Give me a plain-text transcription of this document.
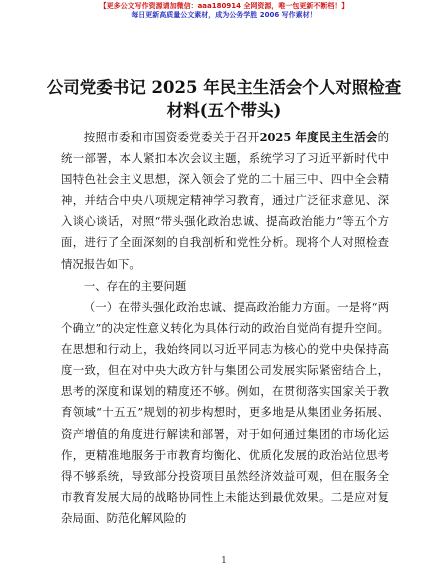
【更多公文写作资源请加微信：aaa180914 全网资源，唯一包更新不断档！】
每日更新高质量公文素材，成为公务学胜 2006 写作素材！
公司党委书记 2025 年民主生活会个人对照检查
材料(五个带头)

按照市委和市国资委党委关于召开2025 年度民主生活会的统一部署，本人紧扣本次会议主题，系统学习了习近平新时代中国特色社会主义思想，深入领会了党的二十届三中、四中全会精神，并结合中央八项规定精神学习教育，通过广泛征求意见、深入谈心谈话，对照“带头强化政治忠诚、提高政治能力”等五个方面，进行了全面深刻的自我剖析和党性分析。现将个人对照检查情况报告如下。

一、存在的主要问题

（一）在带头强化政治忠诚、提高政治能力方面。一是将“两个确立”的决定性意义转化为具体行动的政治自觉尚有提升空间。在思想和行动上，我始终同以习近平同志为核心的党中央保持高度一致，但在对中央大政方针与集团公司发展实际紧密结合上，思考的深度和谋划的精度还不够。例如，在贯彻落实国家关于教育领域“十五五”规划的初步构想时，更多地是从集团业务拓展、资产增值的角度进行解读和部署，对于如何通过集团的市场化运作，更精准地服务于市教育均衡化、优质化发展的政治站位思考得不够系统，导致部分投资项目虽然经济效益可观，但在服务全市教育发展大局的战略协同性上未能达到最优效果。二是应对复杂局面、防范化解风险的

1
